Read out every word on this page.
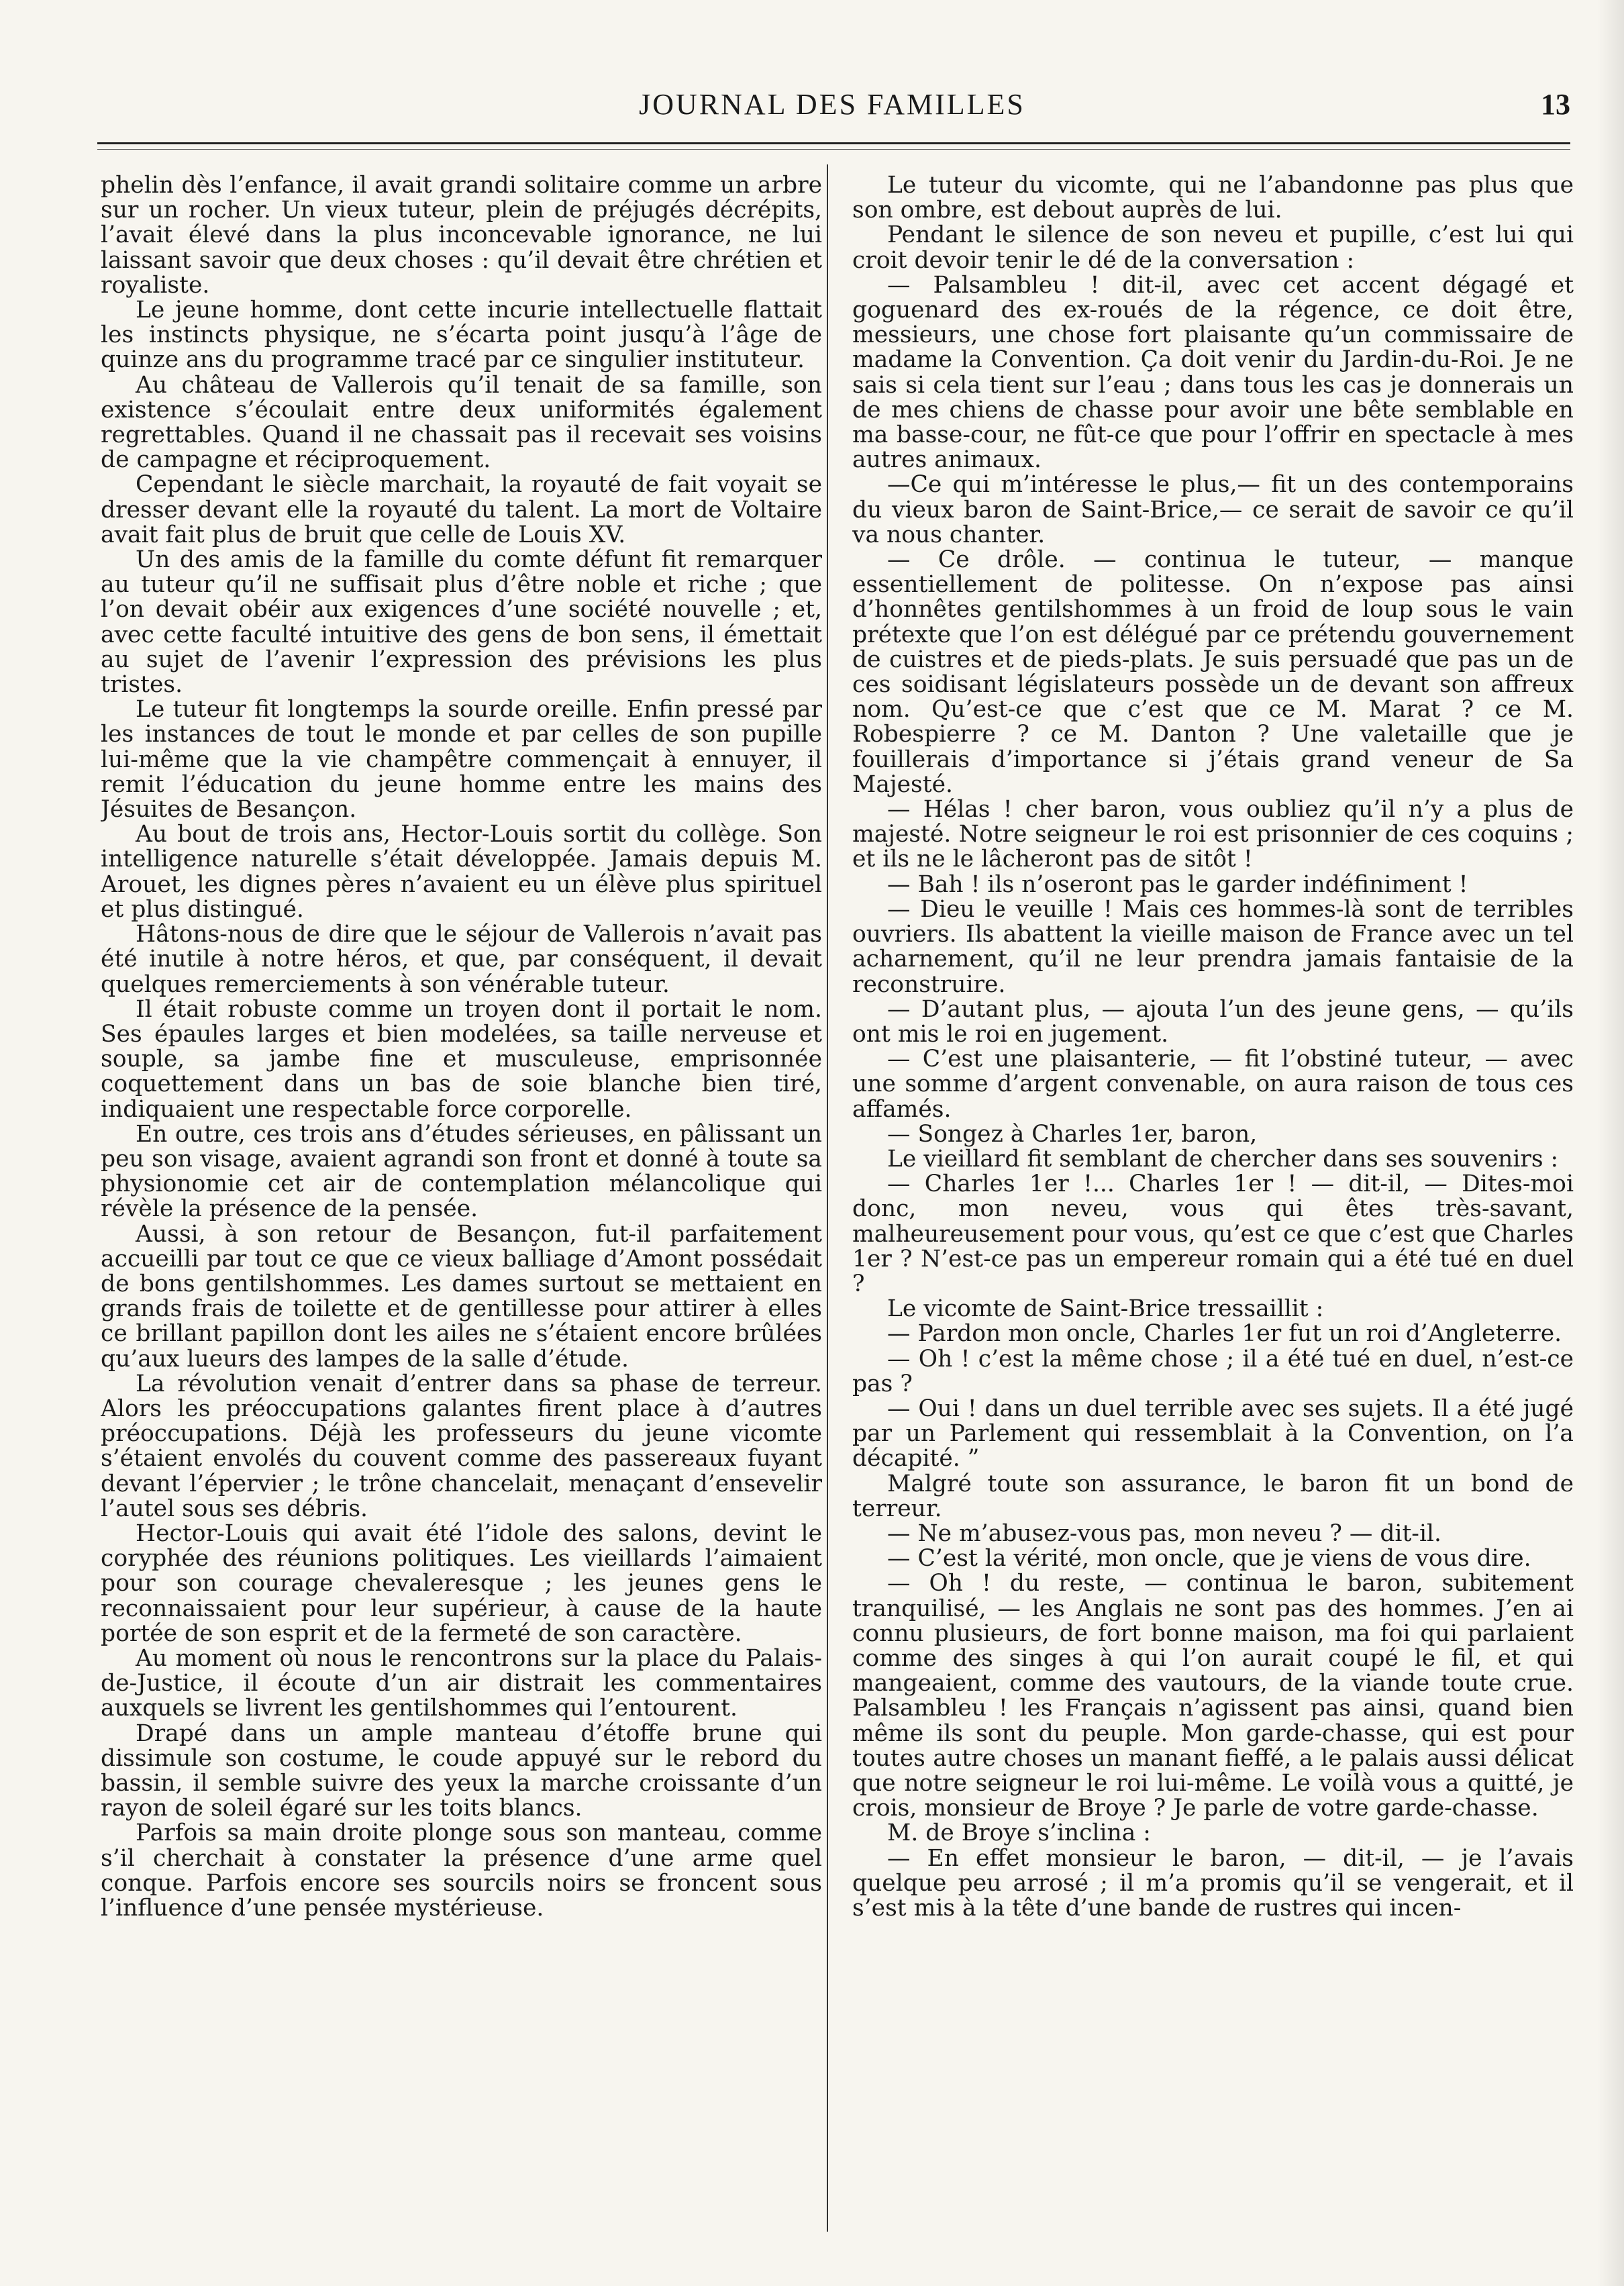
JOURNAL DES FAMILLES	13

phelin dès l’enfance, il avait grandi solitaire comme un arbre sur un rocher. Un vieux tuteur, plein de préjugés décrépits, l’avait élevé dans la plus inconcevable ignorance, ne lui laissant savoir que deux choses : qu’il devait être chrétien et royaliste.

Le jeune homme, dont cette incurie intellectuelle flattait les instincts physique, ne s’écarta point jusqu’à l’âge de quinze ans du programme tracé par ce singulier instituteur.

Au château de Vallerois qu’il tenait de sa famille, son existence s’écoulait entre deux uniformités également regrettables. Quand il ne chassait pas il recevait ses voisins de campagne et réciproquement.

Cependant le siècle marchait, la royauté de fait voyait se dresser devant elle la royauté du talent. La mort de Voltaire avait fait plus de bruit que celle de Louis XV.

Un des amis de la famille du comte défunt fit remarquer au tuteur qu’il ne suffisait plus d’être noble et riche ; que l’on devait obéir aux exigences d’une société nouvelle ; et, avec cette faculté intuitive des gens de bon sens, il émettait au sujet de l’avenir l’expression des prévisions les plus tristes.

Le tuteur fit longtemps la sourde oreille. Enfin pressé par les instances de tout le monde et par celles de son pupille lui-même que la vie champêtre commençait à ennuyer, il remit l’éducation du jeune homme entre les mains des Jésuites de Besançon.

Au bout de trois ans, Hector-Louis sortit du collège. Son intelligence naturelle s’était développée. Jamais depuis M. Arouet, les dignes pères n’avaient eu un élève plus spirituel et plus distingué.

Hâtons-nous de dire que le séjour de Vallerois n’avait pas été inutile à notre héros, et que, par conséquent, il devait quelques remerciements à son vénérable tuteur.

Il était robuste comme un troyen dont il portait le nom. Ses épaules larges et bien modelées, sa taille nerveuse et souple, sa jambe fine et musculeuse, emprisonnée coquettement dans un bas de soie blanche bien tiré, indiquaient une respectable force corporelle.

En outre, ces trois ans d’études sérieuses, en pâlissant un peu son visage, avaient agrandi son front et donné à toute sa physionomie cet air de contemplation mélancolique qui révèle la présence de la pensée.

Aussi, à son retour de Besançon, fut-il parfaitement accueilli par tout ce que ce vieux balliage d’Amont possédait de bons gentilshommes. Les dames surtout se mettaient en grands frais de toilette et de gentillesse pour attirer à elles ce brillant papillon dont les ailes ne s’étaient encore brûlées qu’aux lueurs des lampes de la salle d’étude.

La révolution venait d’entrer dans sa phase de terreur. Alors les préoccupations galantes firent place à d’autres préoccupations. Déjà les professeurs du jeune vicomte s’étaient envolés du couvent comme des passereaux fuyant devant l’épervier ; le trône chancelait, menaçant d’ensevelir l’autel sous ses débris.

Hector-Louis qui avait été l’idole des salons, devint le coryphée des réunions politiques. Les vieillards l’aimaient pour son courage chevaleresque ; les jeunes gens le reconnaissaient pour leur supérieur, à cause de la haute portée de son esprit et de la fermeté de son caractère.

Au moment où nous le rencontrons sur la place du Palais-de-Justice, il écoute d’un air distrait les commentaires auxquels se livrent les gentilshommes qui l’entourent.

Drapé dans un ample manteau d’étoffe brune qui dissimule son costume, le coude appuyé sur le rebord du bassin, il semble suivre des yeux la marche croissante d’un rayon de soleil égaré sur les toits blancs.

Parfois sa main droite plonge sous son manteau, comme s’il cherchait à constater la présence d’une arme quel conque. Parfois encore ses sourcils noirs se froncent sous l’influence d’une pensée mystérieuse.

Le tuteur du vicomte, qui ne l’abandonne pas plus que son ombre, est debout auprès de lui.

Pendant le silence de son neveu et pupille, c’est lui qui croit devoir tenir le dé de la conversation :

— Palsambleu ! dit-il, avec cet accent dégagé et goguenard des ex-roués de la régence, ce doit être, messieurs, une chose fort plaisante qu’un commissaire de madame la Convention. Ça doit venir du Jardin-du-Roi. Je ne sais si cela tient sur l’eau ; dans tous les cas je donnerais un de mes chiens de chasse pour avoir une bête semblable en ma basse-cour, ne fût-ce que pour l’offrir en spectacle à mes autres animaux.

—Ce qui m’intéresse le plus,— fit un des contemporains du vieux baron de Saint-Brice,— ce serait de savoir ce qu’il va nous chanter.

— Ce drôle. — continua le tuteur, — manque essentiellement de politesse. On n’expose pas ainsi d’honnêtes gentilshommes à un froid de loup sous le vain prétexte que l’on est délégué par ce prétendu gouvernement de cuistres et de pieds-plats. Je suis persuadé que pas un de ces soidisant législateurs possède un de devant son affreux nom. Qu’est-ce que c’est que ce M. Marat ? ce M. Robespierre ? ce M. Danton ? Une valetaille que je fouillerais d’importance si j’étais grand veneur de Sa Majesté.

— Hélas ! cher baron, vous oubliez qu’il n’y a plus de majesté. Notre seigneur le roi est prisonnier de ces coquins ; et ils ne le lâcheront pas de sitôt !

— Bah ! ils n’oseront pas le garder indéfiniment !

— Dieu le veuille ! Mais ces hommes-là sont de terribles ouvriers. Ils abattent la vieille maison de France avec un tel acharnement, qu’il ne leur prendra jamais fantaisie de la reconstruire.

— D’autant plus, — ajouta l’un des jeune gens, — qu’ils ont mis le roi en jugement.

— C’est une plaisanterie, — fit l’obstiné tuteur, — avec une somme d’argent convenable, on aura raison de tous ces affamés.

— Songez à Charles 1er, baron,

Le vieillard fit semblant de chercher dans ses souvenirs :

— Charles 1er !... Charles 1er ! — dit-il, — Dites-moi donc, mon neveu, vous qui êtes très-savant, malheureusement pour vous, qu’est ce que c’est que Charles 1er ? N’est-ce pas un empereur romain qui a été tué en duel ?

Le vicomte de Saint-Brice tressaillit :

— Pardon mon oncle, Charles 1er fut un roi d’Angleterre.

— Oh ! c’est la même chose ; il a été tué en duel, n’est-ce pas ?

— Oui ! dans un duel terrible avec ses sujets. Il a été jugé par un Parlement qui ressemblait à la Convention, on l’a décapité. ”

Malgré toute son assurance, le baron fit un bond de terreur.

— Ne m’abusez-vous pas, mon neveu ? — dit-il.

— C’est la vérité, mon oncle, que je viens de vous dire.

— Oh ! du reste, — continua le baron, subitement tranquilisé, — les Anglais ne sont pas des hommes. J’en ai connu plusieurs, de fort bonne maison, ma foi qui parlaient comme des singes à qui l’on aurait coupé le fil, et qui mangeaient, comme des vautours, de la viande toute crue. Palsambleu ! les Français n’agissent pas ainsi, quand bien même ils sont du peuple. Mon garde-chasse, qui est pour toutes autre choses un manant fieffé, a le palais aussi délicat que notre seigneur le roi lui-même. Le voilà vous a quitté, je crois, monsieur de Broye ? Je parle de votre garde-chasse.

M. de Broye s’inclina :

— En effet monsieur le baron, — dit-il, — je l’avais quelque peu arrosé ; il m’a promis qu’il se vengerait, et il s’est mis à la tête d’une bande de rustres qui incen-
